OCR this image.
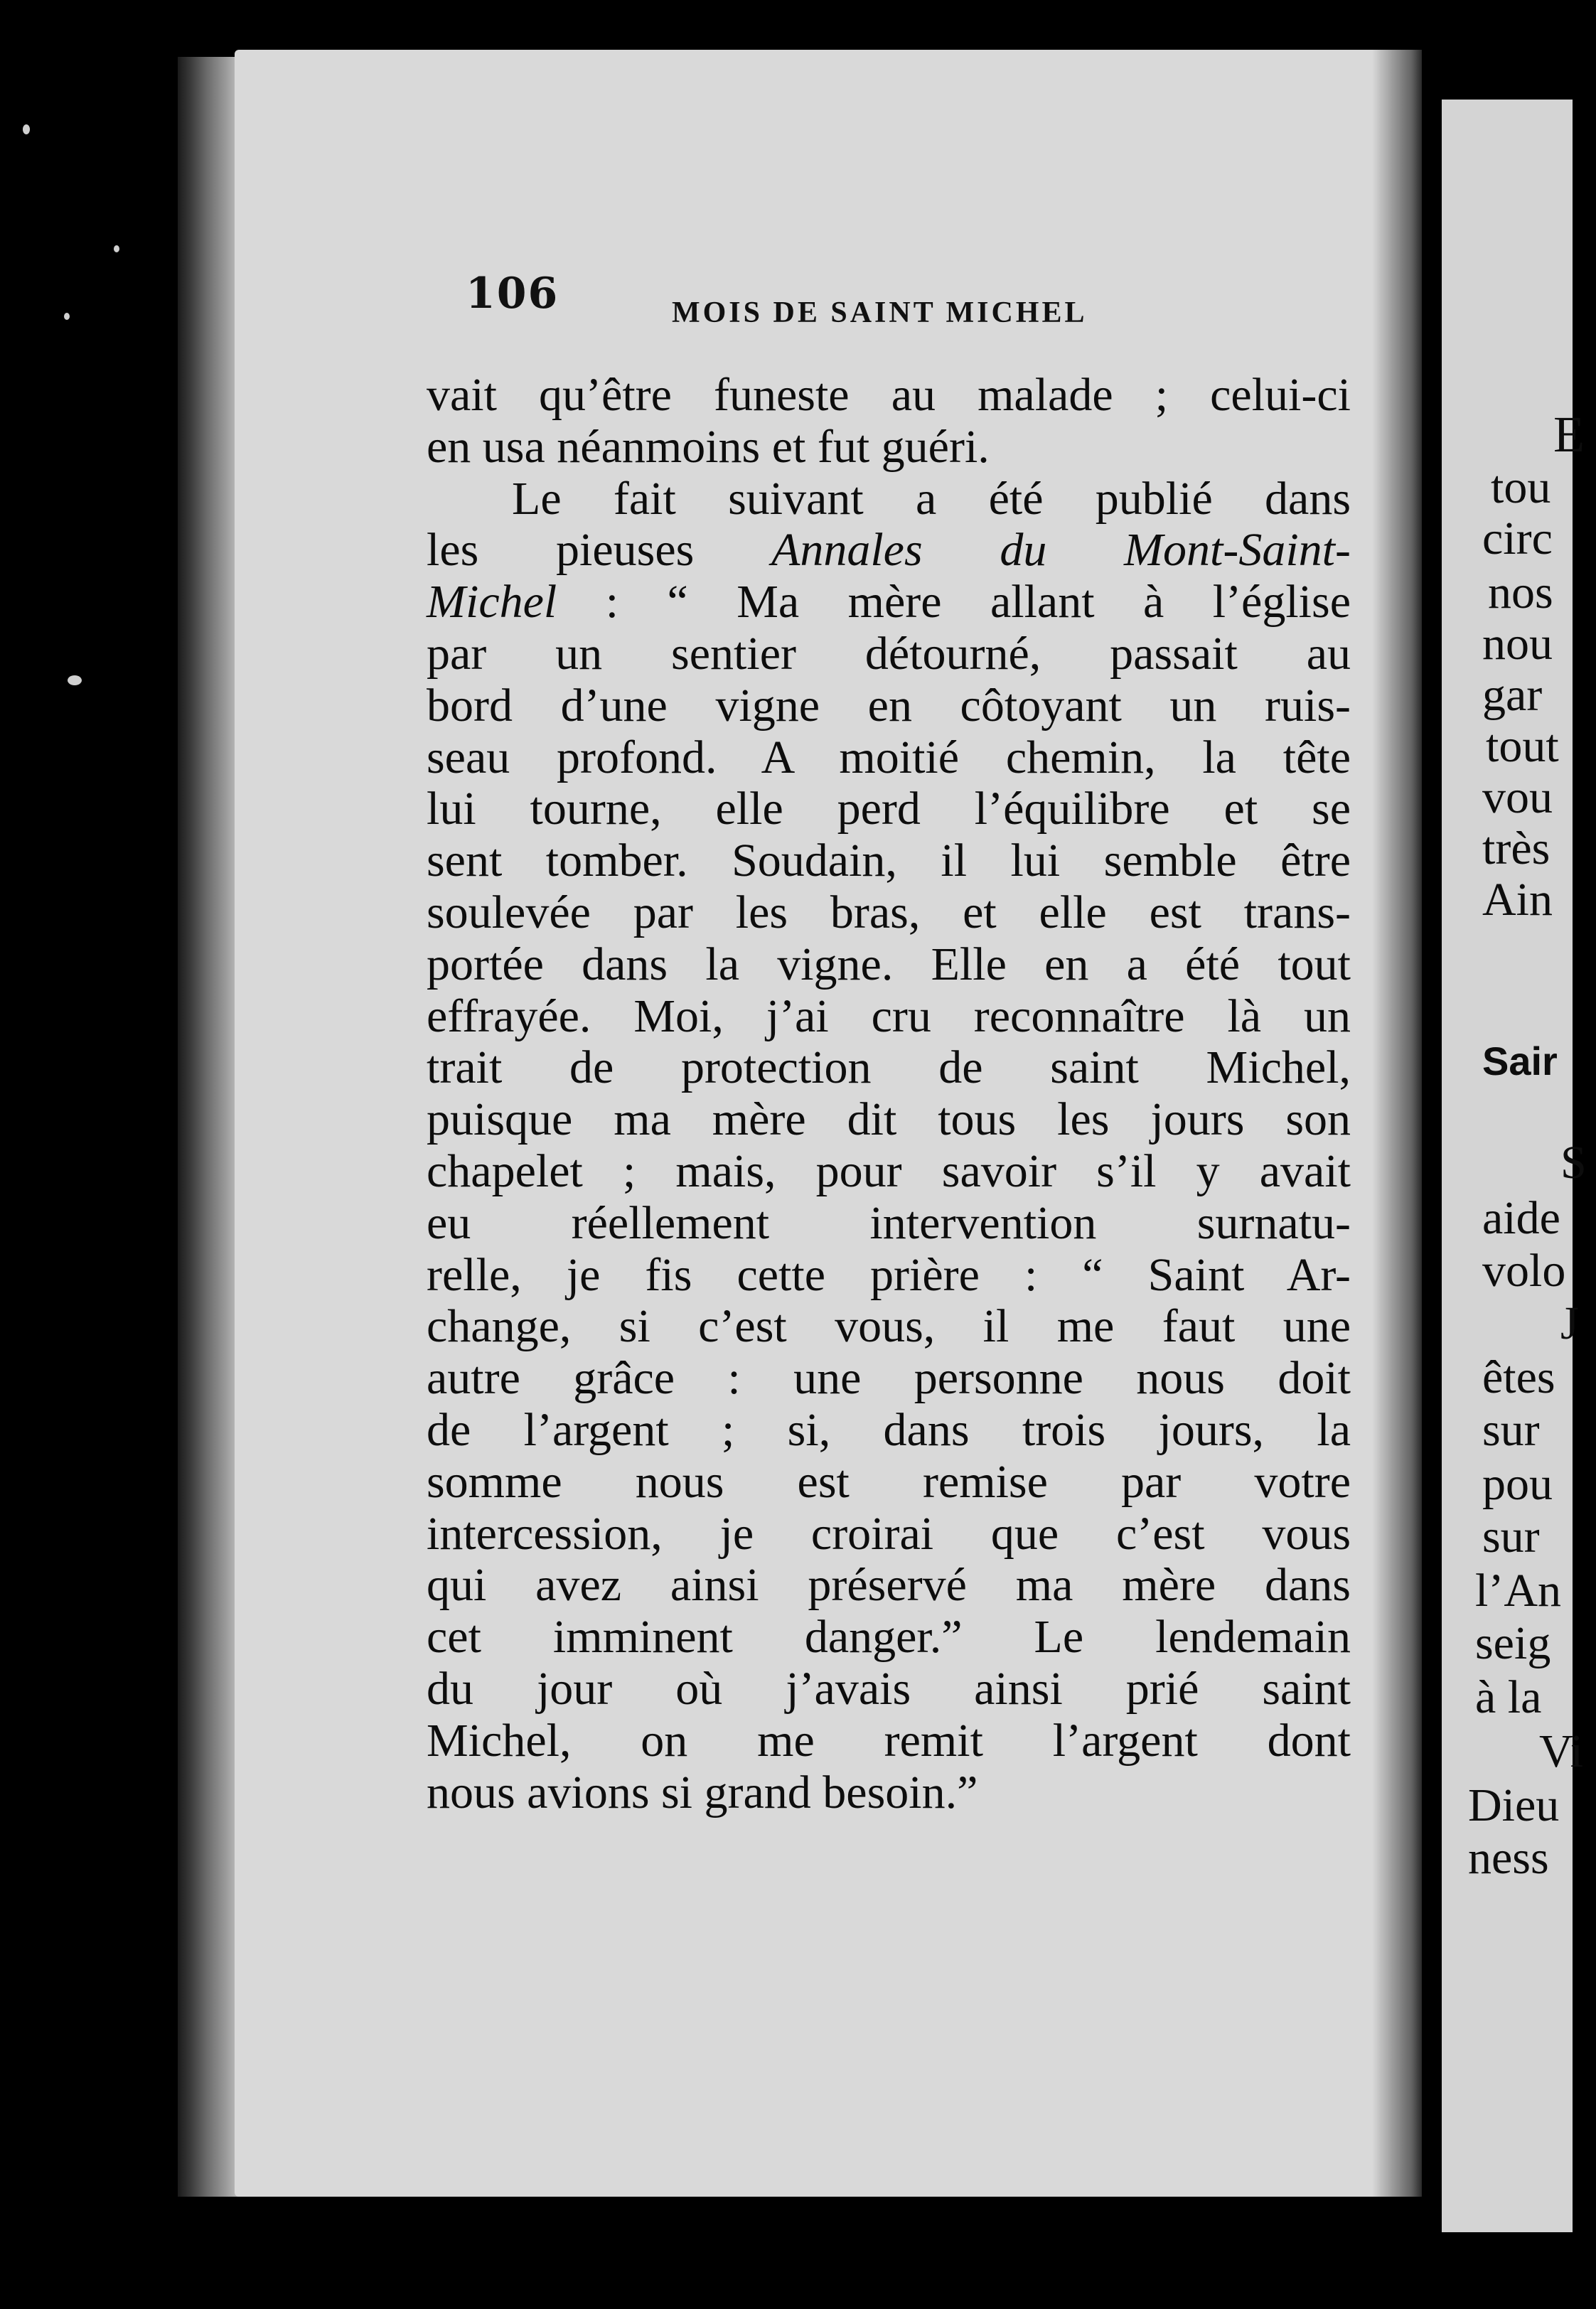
106	MOIS DE SAINT MICHEL
vait qu’être funeste au malade ; celui-ci
en usa néanmoins et fut guéri.
Le fait suivant a été publié dans
les pieuses Annales du Mont-Saint-
Michel : “ Ma mère allant à l’église
par un sentier détourné, passait au
bord d’une vigne en côtoyant un ruis-
seau profond. A moitié chemin, la tête
lui tourne, elle perd l’équilibre et se
sent tomber. Soudain, il lui semble être
soulevée par les bras, et elle est trans-
portée dans la vigne. Elle en a été tout
effrayée. Moi, j’ai cru reconnaître là un
trait de protection de saint Michel,
puisque ma mère dit tous les jours son
chapelet ; mais, pour savoir s’il y avait
eu réellement intervention surnatu-
relle, je fis cette prière : “ Saint Ar-
change, si c’est vous, il me faut une
autre grâce : une personne nous doit
de l’argent ; si, dans trois jours, la
somme nous est remise par votre
intercession, je croirai que c’est vous
qui avez ainsi préservé ma mère dans
cet imminent danger.” Le lendemain
du jour où j’avais ainsi prié saint
Michel, on me remit l’argent dont
nous avions si grand besoin.”
E
tou
circ
nos
nou
gar
tout
vou
très
Ain
Sair
S
aide
volo
J
êtes
sur
pou
sur
l’An
seig
à la
Vi
Dieu
ness
